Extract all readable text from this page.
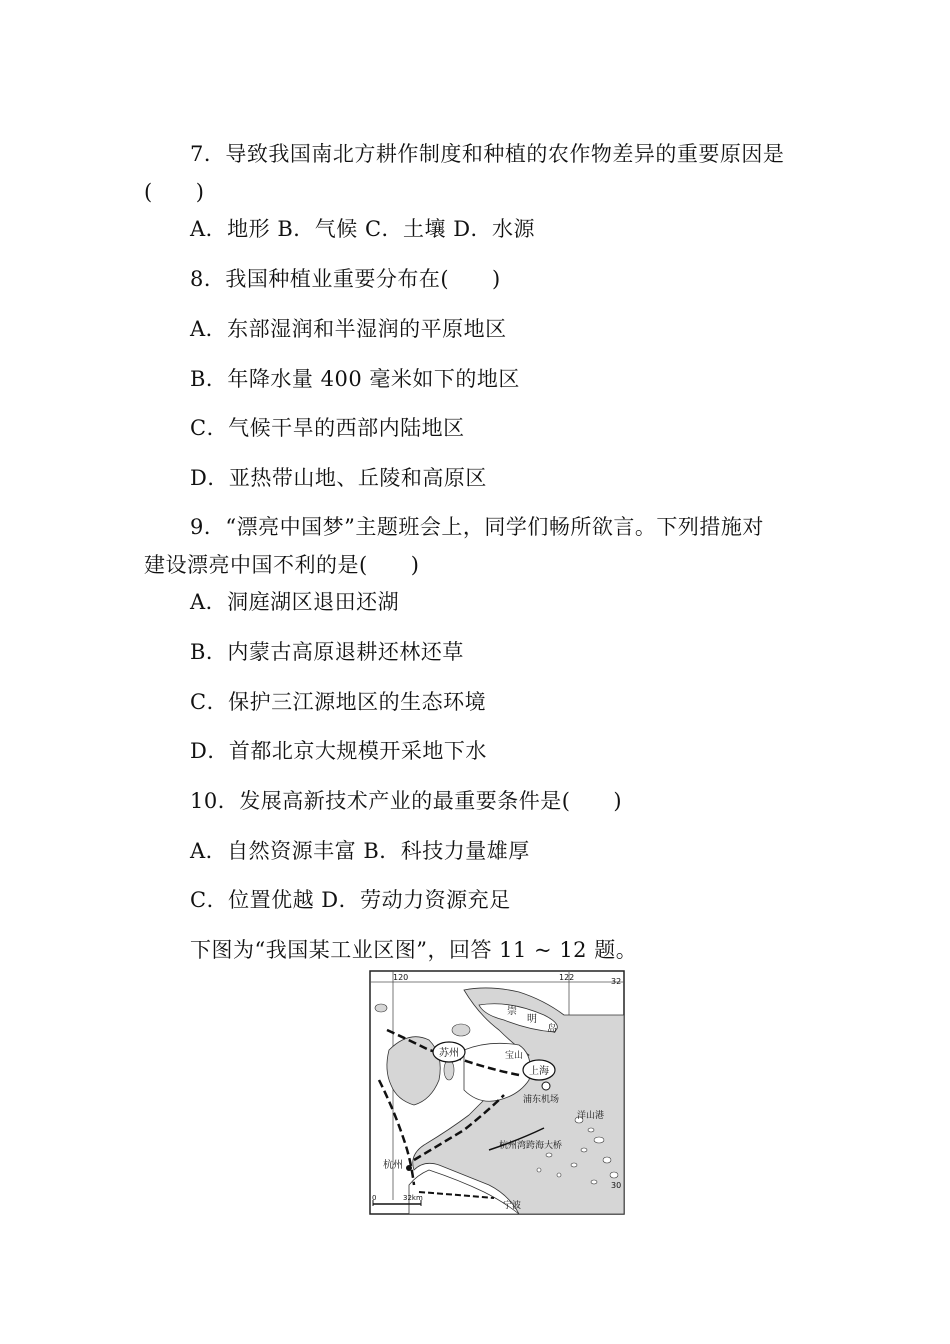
7．导致我国南北方耕作制度和种植的农作物差异的重要原因是
(　　)
A．地形 B．气候 C．土壤 D．水源
8．我国种植业重要分布在(　　)
A．东部湿润和半湿润的平原地区
B．年降水量 400 毫米如下的地区
C．气候干旱的西部内陆地区
D．亚热带山地、丘陵和高原区
9．“漂亮中国梦”主题班会上，同学们畅所欲言。下列措施对
建设漂亮中国不利的是(　　)
A．洞庭湖区退田还湖
B．内蒙古高原退耕还林还草
C．保护三江源地区的生态环境
D．首都北京大规模开采地下水
10．发展高新技术产业的最重要条件是(　　)
A．自然资源丰富 B．科技力量雄厚
C．位置优越 D．劳动力资源充足
下图为“我国某工业区图”，回答 11 ~ 12 题。
120	122	32
30
苏州
上海
崇
明
岛
宝山
浦东机场
洋山港
杭州湾跨海大桥
杭州
宁波
0	32km
